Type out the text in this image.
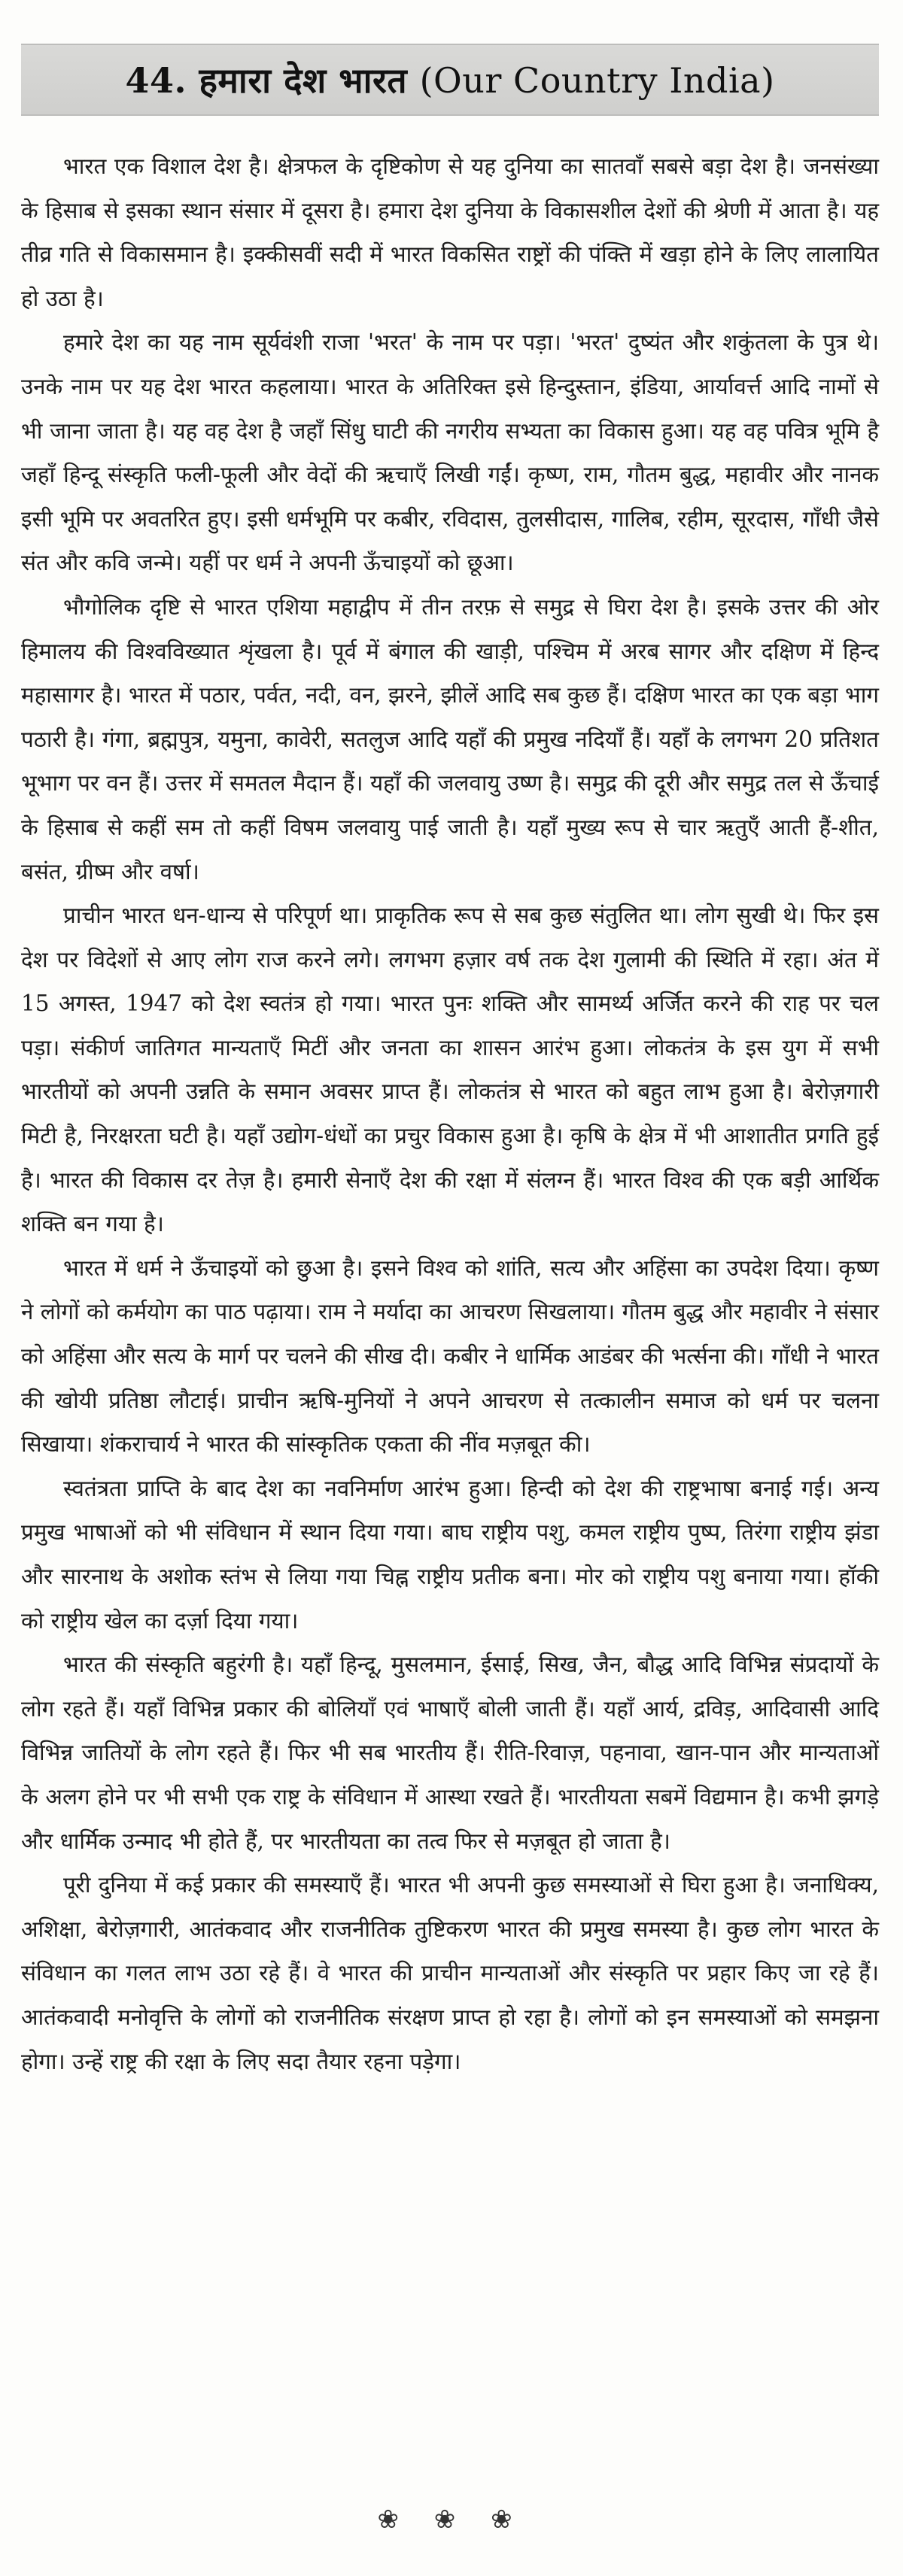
44. हमारा देश भारत (Our Country India)

भारत एक विशाल देश है। क्षेत्रफल के दृष्टिकोण से यह दुनिया का सातवाँ सबसे बड़ा देश है। जनसंख्या के हिसाब से इसका स्थान संसार में दूसरा है। हमारा देश दुनिया के विकासशील देशों की श्रेणी में आता है। यह तीव्र गति से विकासमान है। इक्कीसवीं सदी में भारत विकसित राष्ट्रों की पंक्ति में खड़ा होने के लिए लालायित हो उठा है।

हमारे देश का यह नाम सूर्यवंशी राजा 'भरत' के नाम पर पड़ा। 'भरत' दुष्यंत और शकुंतला के पुत्र थे। उनके नाम पर यह देश भारत कहलाया। भारत के अतिरिक्त इसे हिन्दुस्तान, इंडिया, आर्यावर्त्त आदि नामों से भी जाना जाता है। यह वह देश है जहाँ सिंधु घाटी की नगरीय सभ्यता का विकास हुआ। यह वह पवित्र भूमि है जहाँ हिन्दू संस्कृति फली-फूली और वेदों की ऋचाएँ लिखी गईं। कृष्ण, राम, गौतम बुद्ध, महावीर और नानक इसी भूमि पर अवतरित हुए। इसी धर्मभूमि पर कबीर, रविदास, तुलसीदास, गालिब, रहीम, सूरदास, गाँधी जैसे संत और कवि जन्मे। यहीं पर धर्म ने अपनी ऊँचाइयों को छूआ।

भौगोलिक दृष्टि से भारत एशिया महाद्वीप में तीन तरफ़ से समुद्र से घिरा देश है। इसके उत्तर की ओर हिमालय की विश्वविख्यात शृंखला है। पूर्व में बंगाल की खाड़ी, पश्चिम में अरब सागर और दक्षिण में हिन्द महासागर है। भारत में पठार, पर्वत, नदी, वन, झरने, झीलें आदि सब कुछ हैं। दक्षिण भारत का एक बड़ा भाग पठारी है। गंगा, ब्रह्मपुत्र, यमुना, कावेरी, सतलुज आदि यहाँ की प्रमुख नदियाँ हैं। यहाँ के लगभग 20 प्रतिशत भूभाग पर वन हैं। उत्तर में समतल मैदान हैं। यहाँ की जलवायु उष्ण है। समुद्र की दूरी और समुद्र तल से ऊँचाई के हिसाब से कहीं सम तो कहीं विषम जलवायु पाई जाती है। यहाँ मुख्य रूप से चार ऋतुएँ आती हैं-शीत, बसंत, ग्रीष्म और वर्षा।

प्राचीन भारत धन-धान्य से परिपूर्ण था। प्राकृतिक रूप से सब कुछ संतुलित था। लोग सुखी थे। फिर इस देश पर विदेशों से आए लोग राज करने लगे। लगभग हज़ार वर्ष तक देश गुलामी की स्थिति में रहा। अंत में 15 अगस्त, 1947 को देश स्वतंत्र हो गया। भारत पुनः शक्ति और सामर्थ्य अर्जित करने की राह पर चल पड़ा। संकीर्ण जातिगत मान्यताएँ मिटीं और जनता का शासन आरंभ हुआ। लोकतंत्र के इस युग में सभी भारतीयों को अपनी उन्नति के समान अवसर प्राप्त हैं। लोकतंत्र से भारत को बहुत लाभ हुआ है। बेरोज़गारी मिटी है, निरक्षरता घटी है। यहाँ उद्योग-धंधों का प्रचुर विकास हुआ है। कृषि के क्षेत्र में भी आशातीत प्रगति हुई है। भारत की विकास दर तेज़ है। हमारी सेनाएँ देश की रक्षा में संलग्न हैं। भारत विश्व की एक बड़ी आर्थिक शक्ति बन गया है।

भारत में धर्म ने ऊँचाइयों को छुआ है। इसने विश्व को शांति, सत्य और अहिंसा का उपदेश दिया। कृष्ण ने लोगों को कर्मयोग का पाठ पढ़ाया। राम ने मर्यादा का आचरण सिखलाया। गौतम बुद्ध और महावीर ने संसार को अहिंसा और सत्य के मार्ग पर चलने की सीख दी। कबीर ने धार्मिक आडंबर की भर्त्सना की। गाँधी ने भारत की खोयी प्रतिष्ठा लौटाई। प्राचीन ऋषि-मुनियों ने अपने आचरण से तत्कालीन समाज को धर्म पर चलना सिखाया। शंकराचार्य ने भारत की सांस्कृतिक एकता की नींव मज़बूत की।

स्वतंत्रता प्राप्ति के बाद देश का नवनिर्माण आरंभ हुआ। हिन्दी को देश की राष्ट्रभाषा बनाई गई। अन्य प्रमुख भाषाओं को भी संविधान में स्थान दिया गया। बाघ राष्ट्रीय पशु, कमल राष्ट्रीय पुष्प, तिरंगा राष्ट्रीय झंडा और सारनाथ के अशोक स्तंभ से लिया गया चिह्न राष्ट्रीय प्रतीक बना। मोर को राष्ट्रीय पशु बनाया गया। हॉकी को राष्ट्रीय खेल का दर्ज़ा दिया गया।

भारत की संस्कृति बहुरंगी है। यहाँ हिन्दू, मुसलमान, ईसाई, सिख, जैन, बौद्ध आदि विभिन्न संप्रदायों के लोग रहते हैं। यहाँ विभिन्न प्रकार की बोलियाँ एवं भाषाएँ बोली जाती हैं। यहाँ आर्य, द्रविड़, आदिवासी आदि विभिन्न जातियों के लोग रहते हैं। फिर भी सब भारतीय हैं। रीति-रिवाज़, पहनावा, खान-पान और मान्यताओं के अलग होने पर भी सभी एक राष्ट्र के संविधान में आस्था रखते हैं। भारतीयता सबमें विद्यमान है। कभी झगड़े और धार्मिक उन्माद भी होते हैं, पर भारतीयता का तत्व फिर से मज़बूत हो जाता है।

पूरी दुनिया में कई प्रकार की समस्याएँ हैं। भारत भी अपनी कुछ समस्याओं से घिरा हुआ है। जनाधिक्य, अशिक्षा, बेरोज़गारी, आतंकवाद और राजनीतिक तुष्टिकरण भारत की प्रमुख समस्या है। कुछ लोग भारत के संविधान का गलत लाभ उठा रहे हैं। वे भारत की प्राचीन मान्यताओं और संस्कृति पर प्रहार किए जा रहे हैं। आतंकवादी मनोवृत्ति के लोगों को राजनीतिक संरक्षण प्राप्त हो रहा है। लोगों को इन समस्याओं को समझना होगा। उन्हें राष्ट्र की रक्षा के लिए सदा तैयार रहना पड़ेगा।

❀ ❀ ❀
